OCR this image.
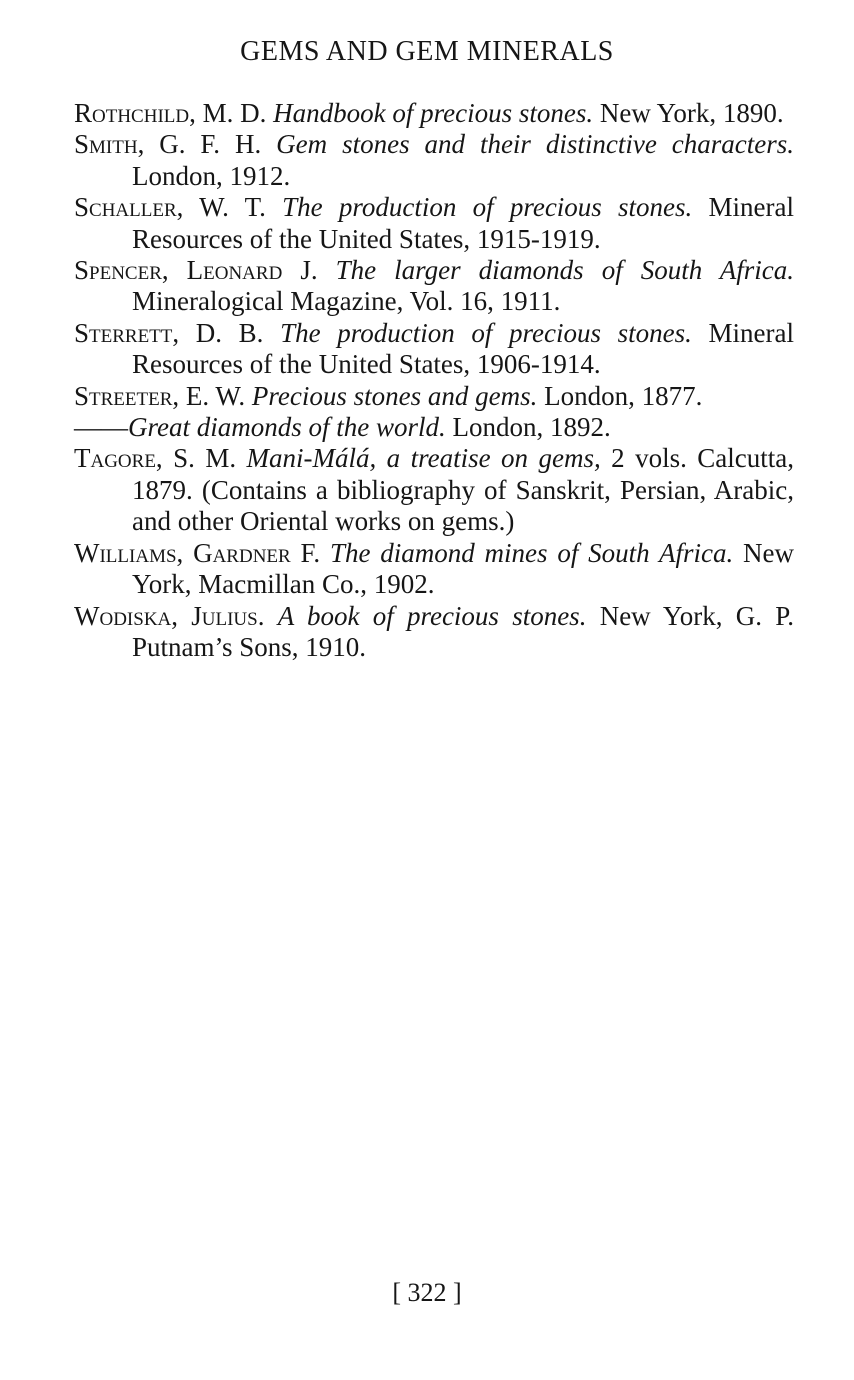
GEMS AND GEM MINERALS

Rothchild, M. D. Handbook of precious stones. New York, 1890.

Smith, G. F. H. Gem stones and their distinctive characters. London, 1912.

Schaller, W. T. The production of precious stones. Mineral Resources of the United States, 1915-1919.

Spencer, Leonard J. The larger diamonds of South Africa. Mineralogical Magazine, Vol. 16, 1911.

Sterrett, D. B. The production of precious stones. Mineral Resources of the United States, 1906-1914.

Streeter, E. W. Precious stones and gems. London, 1877.

——Great diamonds of the world. London, 1892.

Tagore, S. M. Mani-Málá, a treatise on gems, 2 vols. Calcutta, 1879. (Contains a bibliography of Sanskrit, Persian, Arabic, and other Oriental works on gems.)

Williams, Gardner F. The diamond mines of South Africa. New York, Macmillan Co., 1902.

Wodiska, Julius. A book of precious stones. New York, G. P. Putnam’s Sons, 1910.

[ 322 ]
